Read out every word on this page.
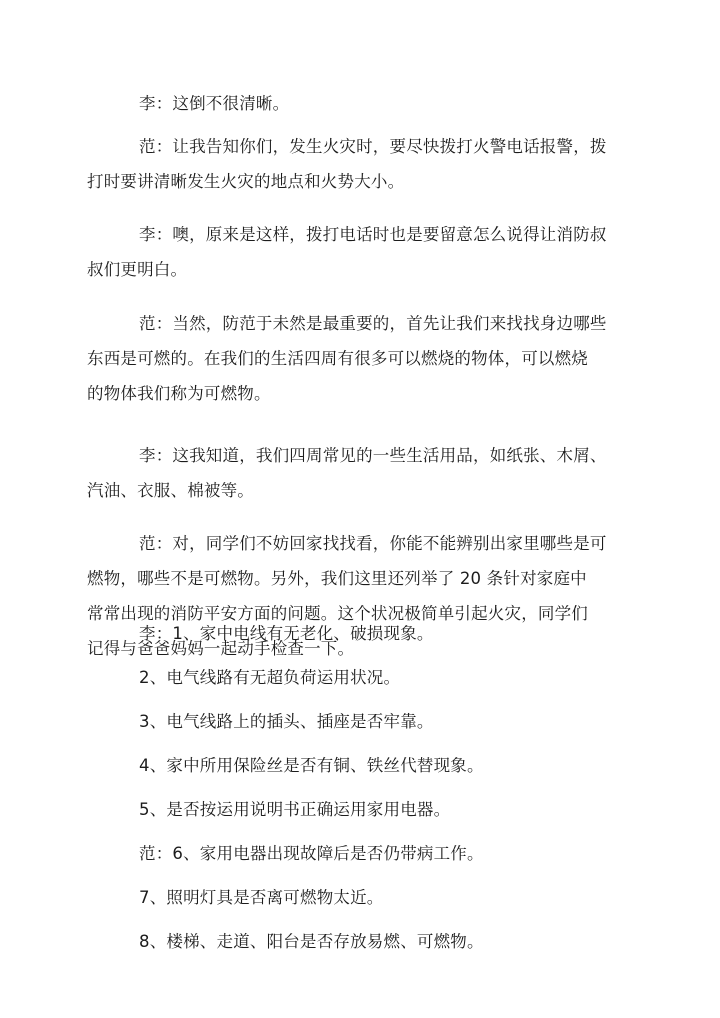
李：这倒不很清晰。
范：让我告知你们，发生火灾时，要尽快拨打火警电话报警，拨
打时要讲清晰发生火灾的地点和火势大小。
李：噢，原来是这样，拨打电话时也是要留意怎么说得让消防叔
叔们更明白。
范：当然，防范于未然是最重要的，首先让我们来找找身边哪些
东西是可燃的。在我们的生活四周有很多可以燃烧的物体，可以燃烧
的物体我们称为可燃物。
李：这我知道，我们四周常见的一些生活用品，如纸张、木屑、
汽油、衣服、棉被等。
范：对，同学们不妨回家找找看，你能不能辨别出家里哪些是可
燃物，哪些不是可燃物。另外，我们这里还列举了 20 条针对家庭中
常常出现的消防平安方面的问题。这个状况极简单引起火灾，同学们
记得与爸爸妈妈一起动手检查一下。
李：1、家中电线有无老化、破损现象。
2、电气线路有无超负荷运用状况。
3、电气线路上的插头、插座是否牢靠。
4、家中所用保险丝是否有铜、铁丝代替现象。
5、是否按运用说明书正确运用家用电器。
范：6、家用电器出现故障后是否仍带病工作。
7、照明灯具是否离可燃物太近。
8、楼梯、走道、阳台是否存放易燃、可燃物。
